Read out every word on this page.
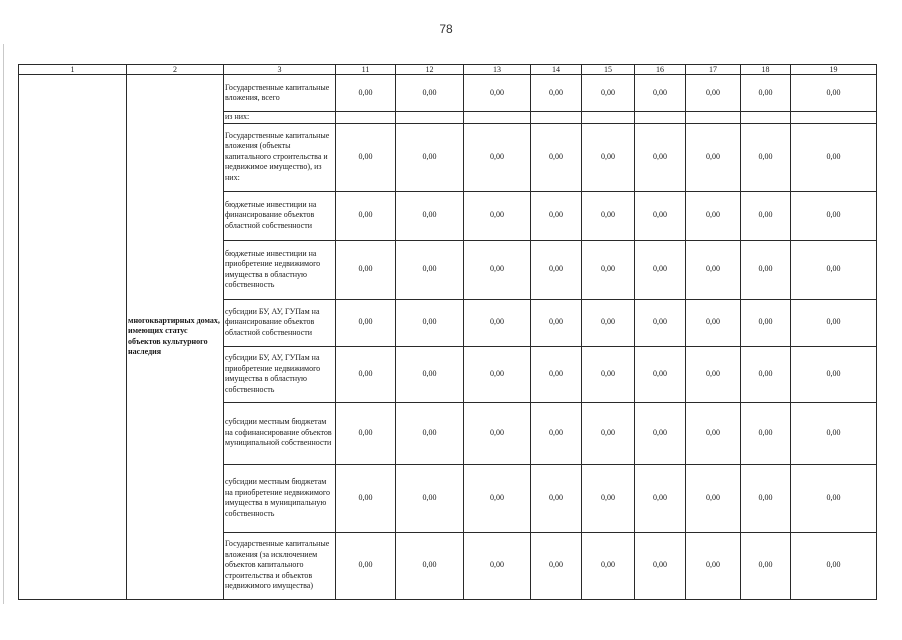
78
1	2	3	11	12	13	14	15	16	17	18	19
	многоквартирных домах, имеющих статус объектов культурного наследия	Государственные капитальные вложения, всего	0,00	0,00	0,00	0,00	0,00	0,00	0,00	0,00	0,00
		из них:									
		Государственные капитальные вложения (объекты капитального строительства и недвижимое имущество), из них:	0,00	0,00	0,00	0,00	0,00	0,00	0,00	0,00	0,00
		бюджетные инвестиции на финансирование объектов областной собственности	0,00	0,00	0,00	0,00	0,00	0,00	0,00	0,00	0,00
		бюджетные инвестиции на приобретение недвижимого имущества в областную собственность	0,00	0,00	0,00	0,00	0,00	0,00	0,00	0,00	0,00
		субсидии БУ, АУ, ГУПам на финансирование объектов областной собственности	0,00	0,00	0,00	0,00	0,00	0,00	0,00	0,00	0,00
		субсидии БУ, АУ, ГУПам на приобретение недвижимого имущества в областную собственность	0,00	0,00	0,00	0,00	0,00	0,00	0,00	0,00	0,00
		субсидии местным бюджетам на софинансирование объектов муниципальной собственности	0,00	0,00	0,00	0,00	0,00	0,00	0,00	0,00	0,00
		субсидии местным бюджетам на приобретение недвижимого имущества в муниципальную собственность	0,00	0,00	0,00	0,00	0,00	0,00	0,00	0,00	0,00
		Государственные капитальные вложения (за исключением объектов капитального строительства и объектов недвижимого имущества)	0,00	0,00	0,00	0,00	0,00	0,00	0,00	0,00	0,00
